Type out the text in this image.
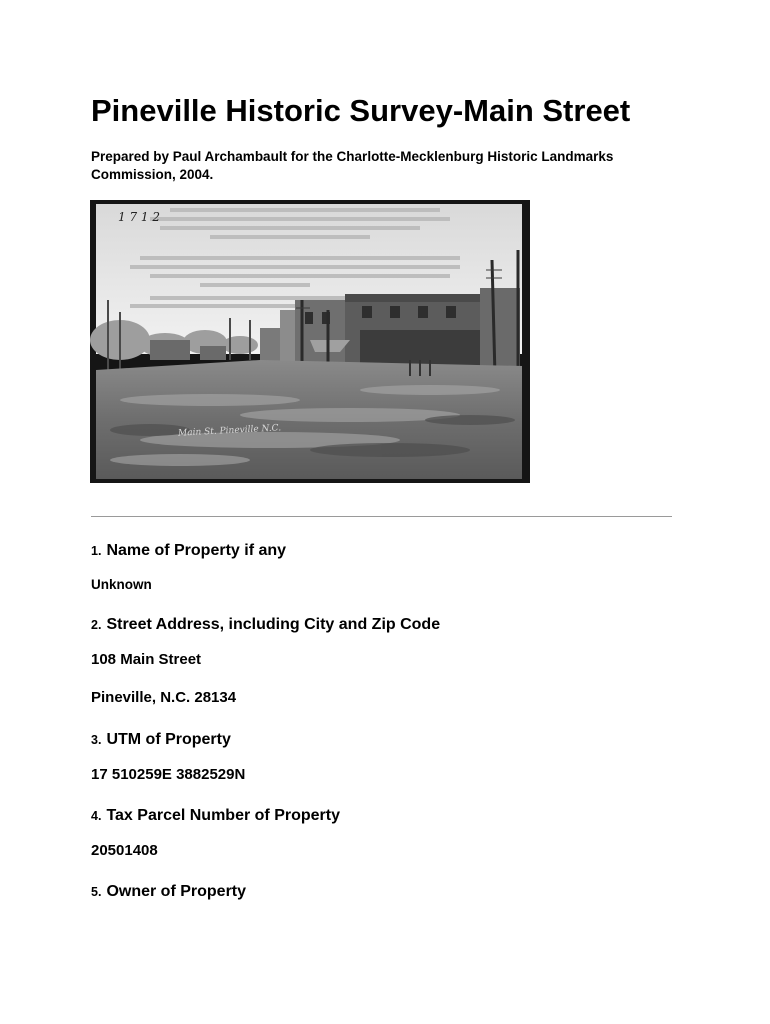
Pineville Historic Survey-Main Street

Prepared by Paul Archambault for the Charlotte-Mecklenburg Historic Landmarks Commission, 2004.

1 7 1 2
Main St. Pineville N.C.
1. Name of Property if any

Unknown

2. Street Address, including City and Zip Code

108 Main Street

Pineville, N.C. 28134

3. UTM of Property

17 510259E 3882529N

4. Tax Parcel Number of Property

20501408

5. Owner of Property
